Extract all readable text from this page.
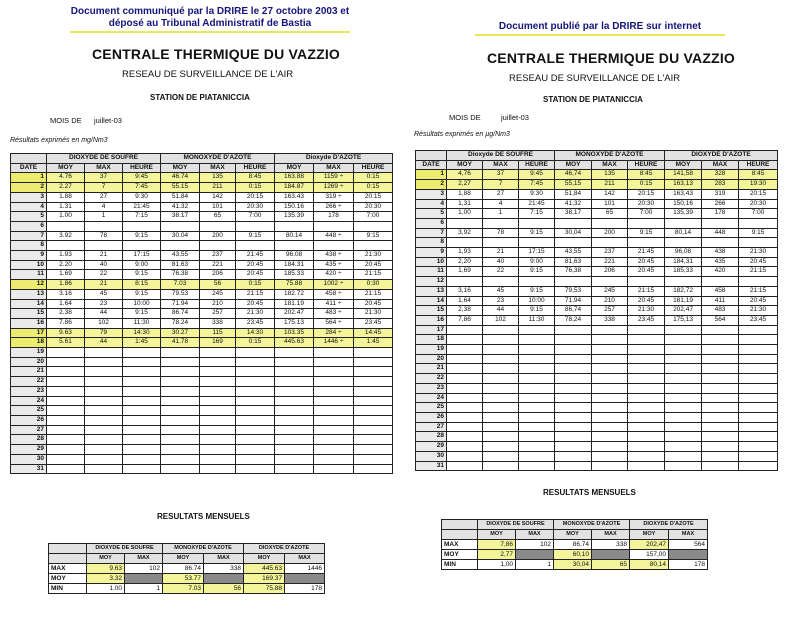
Document communiqué par la DRIRE le 27 octobre 2003 et
déposé au Tribunal Administratif de Bastia
CENTRALE THERMIQUE DU VAZZIO
RESEAU DE SURVEILLANCE DE L'AIR
STATION DE PIATANICCIA
MOIS DE juillet-03
Résultats exprimés en mg/Nm3
	DIOXYDE DE SOUFRE			MONOXYDE D'AZOTE			Dioxyde D'AZOTE		
DATE	MOY	MAX	HEURE	MOY	MAX	HEURE	MOY	MAX	HEURE
1	4.76	37	9:45	46.74	135	8:45	163.88	1159 ÷	0:15
2	2.27	7	7:45	55.15	211	0:15	184.87	1269 ÷	0:15
3	1.88	27	9:30	51.84	142	20:15	163.43	319 ÷	20:15
4	1.31	4	21:45	41.32	101	20:30	150.16	266 ÷	20:30
5	1.00	1	7:15	38.17	65	7:00	135.39	178	7:00
6									
7	3.92	78	9:15	30.04	200	9:15	80.14	448 ÷	9:15
8									
9	1.93	21	17:15	43.55	237	21:45	96.08	438 ÷	21:30
10	2.20	40	9:00	81.63	221	20:45	184.31	435 ÷	20:45
11	1.69	22	9:15	76.38	206	20:45	185.33	420 ÷	21:15
12	1.86	21	8:15	7.03	56	0:15	75.88	1002 ÷	0:30
13	3.16	45	9:15	79.53	245	21:15	182.72	458 ÷	21:15
14	1.64	23	10:00	71.94	210	20:45	181.19	411 ÷	20:45
15	2.38	44	9:15	86.74	257	21:30	202.47	483 ÷	21:30
16	7.86	102	11:30	78.24	338	23:45	175.13	564 ÷	23:45
17	9.63	79	14:30	30.27	115	14:30	103.35	284 ÷	14:45
18	5.61	44	1:45	41.78	169	0:15	445.63	1446 ÷	1:45
19									
20									
21									
22									
23									
24									
25									
26									
27									
28									
29									
30									
31									
RESULTATS MENSUELS
	DIOXYDE DE SOUFRE		MONOXYDE D'AZOTE		DIOXYDE D'AZOTE	
	MOY	MAX	MOY	MAX	MOY	MAX
MAX	9.63	102	86.74	338	445.63	1446
MOY	3.32		53.77		169.37	
MIN	1.00	1	7.03	56	75.88	178
Document publié par la DRIRE sur internet
CENTRALE THERMIQUE DU VAZZIO
RESEAU DE SURVEILLANCE DE L'AIR
STATION DE PIATANICCIA
MOIS DE	juillet-03
Résultats exprimés en µg/Nm3
	Dioxyde DE SOUFRE			MONOXYDE D'AZOTE			DIOXYDE D'AZOTE		
DATE	MOY	MAX	HEURE	MOY	MAX	HEURE	MOY	MAX	HEURE
1	4,76	37	9:45	46,74	135	8:45	141,58	328	8:45
2	2,27	7	7:45	55,15	211	0:15	163,13	283	19:30
3	1,88	27	9:30	51,84	142	20:15	163,43	319	20:15
4	1,31	4	21:45	41,32	101	20:30	150,16	266	20:30
5	1,00	1	7:15	38,17	65	7:00	135,39	178	7:00
6									
7	3,92	78	9:15	30,04	200	9:15	80,14	448	9:15
8									
9	1,93	21	17:15	43,55	237	21:45	96,08	438	21:30
10	2,20	40	9:00	81,63	221	20:45	184,31	435	20:45
11	1,69	22	9:15	76,38	206	20:45	185,33	420	21:15
12									
13	3,16	45	9:15	79,53	245	21:15	182,72	458	21:15
14	1,64	23	10:00	71,94	210	20:45	181,19	411	20:45
15	2,38	44	9:15	86,74	257	21:30	202,47	483	21:30
16	7,86	102	11:30	78,24	338	23:45	175,13	564	23:45
17									
18									
19									
20									
21									
22									
23									
24									
25									
26									
27									
28									
29									
30									
31									
RESULTATS MENSUELS
	DIOXYDE DE SOUFRE		MONOXYDE D'AZOTE		DIOXYDE D'AZOTE	
	MOY	MAX	MOY	MAX	MOY	MAX
MAX	7,86	102	86,74	338	202,47	564
MOY	2,77		60,10		157,00	
MIN	1,00	1	30,04	65	80,14	178
